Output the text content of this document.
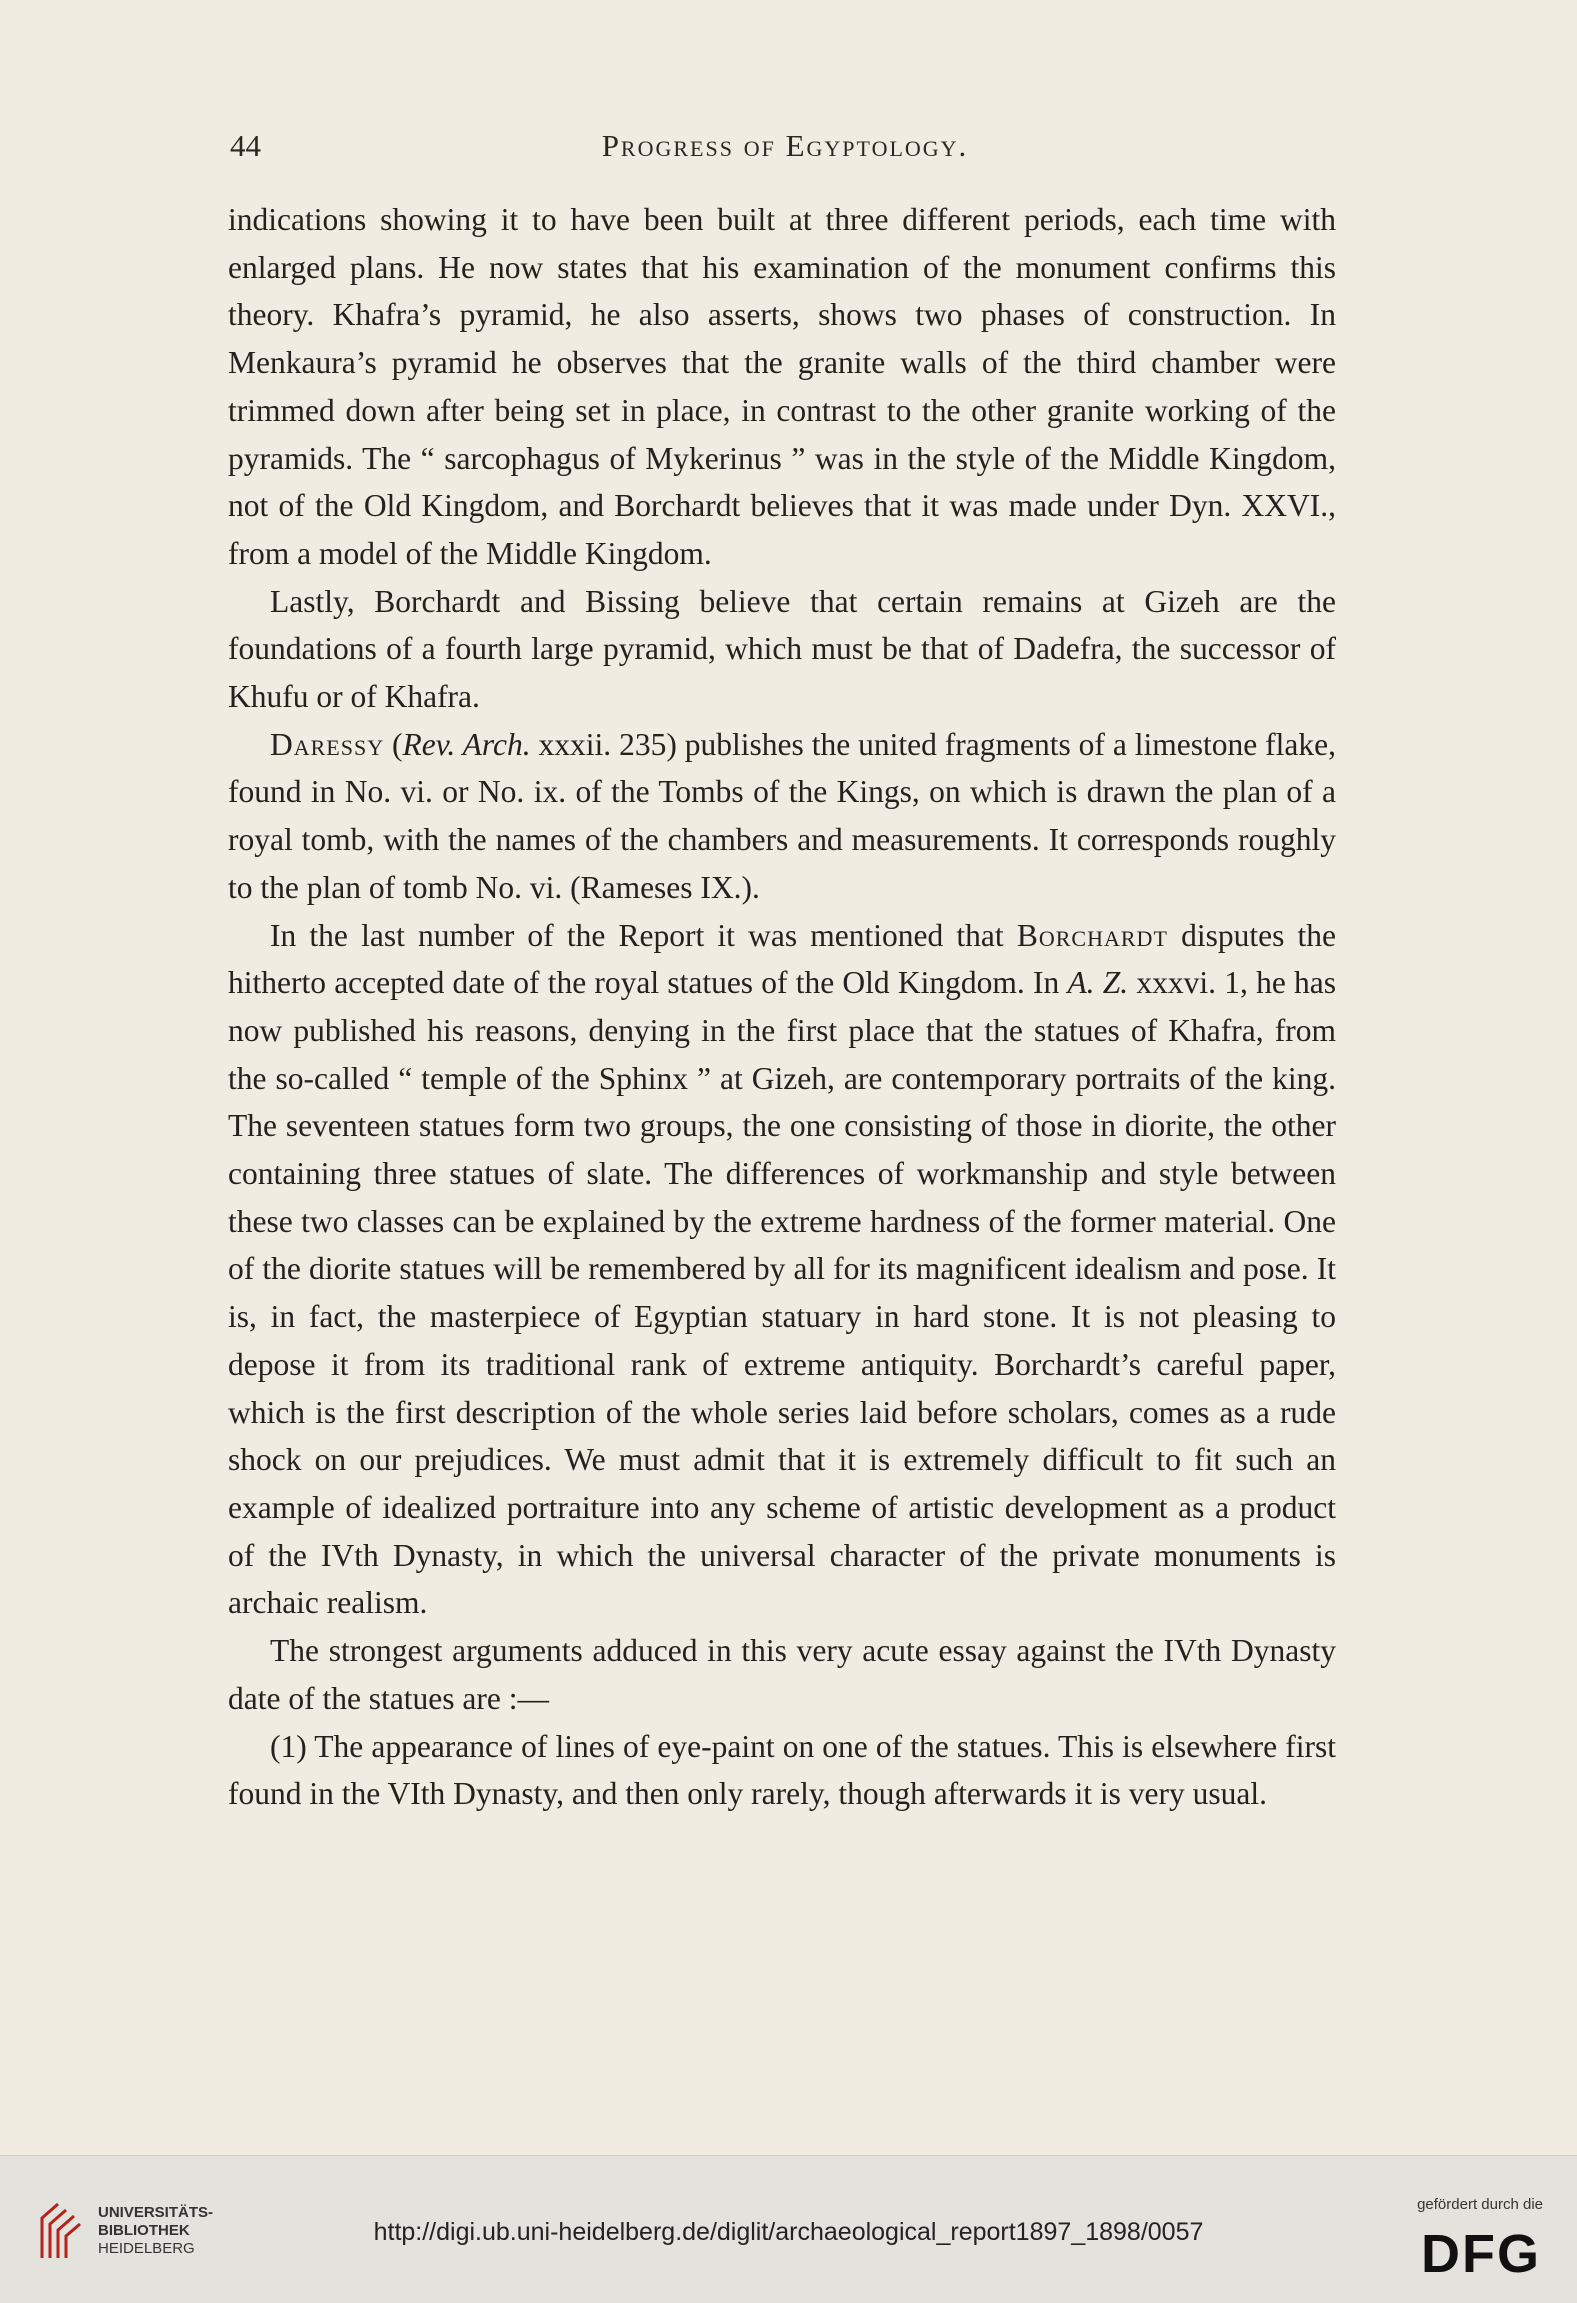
44	Progress of Egyptology.

indications showing it to have been built at three different periods, each time with enlarged plans. He now states that his examination of the monument confirms this theory. Khafra’s pyramid, he also asserts, shows two phases of construction. In Menkaura’s pyramid he observes that the granite walls of the third chamber were trimmed down after being set in place, in contrast to the other granite working of the pyramids. The “ sarcophagus of Mykerinus ” was in the style of the Middle Kingdom, not of the Old Kingdom, and Borchardt believes that it was made under Dyn. XXVI., from a model of the Middle Kingdom.

Lastly, Borchardt and Bissing believe that certain remains at Gizeh are the foundations of a fourth large pyramid, which must be that of Dadefra, the successor of Khufu or of Khafra.

Daressy (Rev. Arch. xxxii. 235) publishes the united fragments of a limestone flake, found in No. vi. or No. ix. of the Tombs of the Kings, on which is drawn the plan of a royal tomb, with the names of the chambers and measurements. It corresponds roughly to the plan of tomb No. vi. (Rameses IX.).

In the last number of the Report it was mentioned that Borchardt disputes the hitherto accepted date of the royal statues of the Old Kingdom. In A. Z. xxxvi. 1, he has now published his reasons, denying in the first place that the statues of Khafra, from the so-called “ temple of the Sphinx ” at Gizeh, are contemporary portraits of the king. The seventeen statues form two groups, the one consisting of those in diorite, the other containing three statues of slate. The differences of workmanship and style between these two classes can be explained by the extreme hardness of the former material. One of the diorite statues will be remembered by all for its magnificent idealism and pose. It is, in fact, the masterpiece of Egyptian statuary in hard stone. It is not pleasing to depose it from its traditional rank of extreme antiquity. Borchardt’s careful paper, which is the first description of the whole series laid before scholars, comes as a rude shock on our prejudices. We must admit that it is extremely difficult to fit such an example of idealized portraiture into any scheme of artistic development as a product of the IVth Dynasty, in which the universal character of the private monuments is archaic realism.

The strongest arguments adduced in this very acute essay against the IVth Dynasty date of the statues are :—

(1) The appearance of lines of eye-paint on one of the statues. This is elsewhere first found in the VIth Dynasty, and then only rarely, though afterwards it is very usual.

UNIVERSITÄTS-
BIBLIOTHEK
HEIDELBERG
http://digi.ub.uni-heidelberg.de/diglit/archaeological_report1897_1898/0057
gefördert durch die
DFG
